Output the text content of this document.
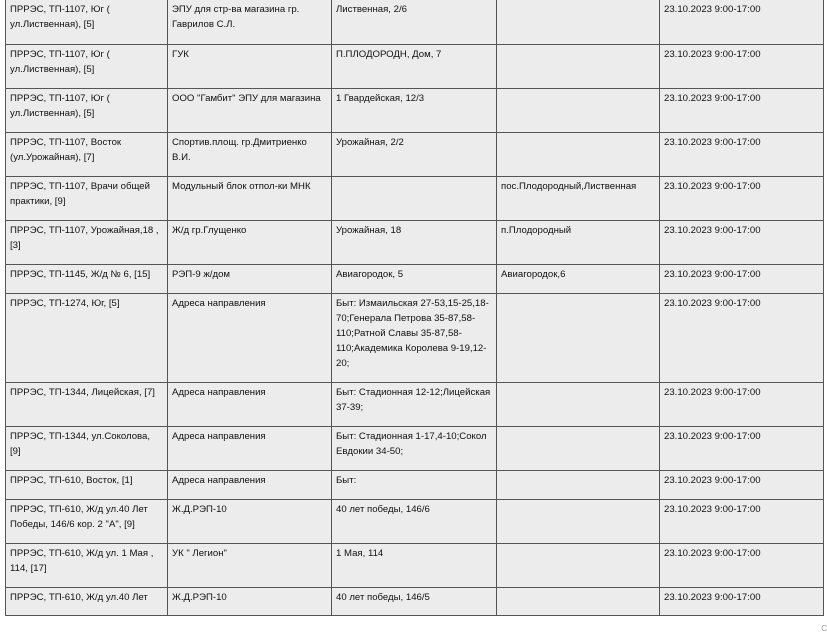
ПРРЭС, ТП-1107, Юг ( ул.Лиственная), [5]	ЭПУ для стр-ва магазина гр. Гаврилов С.Л.	Лиственная, 2/6		23.10.2023 9:00-17:00
ПРРЭС, ТП-1107, Юг ( ул.Лиственная), [5]	ГУК	П.ПЛОДОРОДН, Дом, 7		23.10.2023 9:00-17:00
ПРРЭС, ТП-1107, Юг ( ул.Лиственная), [5]	ООО "Гамбит" ЭПУ для магазина	1 Гвардейская, 12/3		23.10.2023 9:00-17:00
ПРРЭС, ТП-1107, Восток (ул.Урожайная), [7]	Спортив.площ. гр.Дмитриенко В.И.	Урожайная, 2/2		23.10.2023 9:00-17:00
ПРРЭС, ТП-1107, Врачи общей практики, [9]	Модульный блок отпол-ки МНК		пос.Плодородный,Лиственная	23.10.2023 9:00-17:00
ПРРЭС, ТП-1107, Урожайная,18 , [3]	Ж/д гр.Глущенко	Урожайная, 18	п.Плодородный	23.10.2023 9:00-17:00
ПРРЭС, ТП-1145, Ж/д № 6, [15]	РЭП-9 ж/дом	Авиагородок, 5	Авиагородок,6	23.10.2023 9:00-17:00
ПРРЭС, ТП-1274, Юг, [5]	Адреса направления	Быт: Измаильская 27-53,15-25,18-70;Генерала Петрова 35-87,58-110;Ратной Славы 35-87,58-110;Академика Королева 9-19,12-20;		23.10.2023 9:00-17:00
ПРРЭС, ТП-1344, Лицейская, [7]	Адреса направления	Быт: Стадионная 12-12;Лицейская 37-39;		23.10.2023 9:00-17:00
ПРРЭС, ТП-1344, ул.Соколова, [9]	Адреса направления	Быт: Стадионная 1-17,4-10;Сокол Евдокии 34-50;		23.10.2023 9:00-17:00
ПРРЭС, ТП-610, Восток, [1]	Адреса направления	Быт:		23.10.2023 9:00-17:00
ПРРЭС, ТП-610, Ж/д ул.40 Лет Победы, 146/6 кор. 2 "А", [9]	Ж.Д.РЭП-10	40 лет победы, 146/6		23.10.2023 9:00-17:00
ПРРЭС, ТП-610, Ж/д ул. 1 Мая , 114, [17]	УК " Легион"	1 Мая, 114		23.10.2023 9:00-17:00
ПРРЭС, ТП-610, Ж/д ул.40 Лет	Ж.Д.РЭП-10	40 лет победы, 146/5		23.10.2023 9:00-17:00
С
